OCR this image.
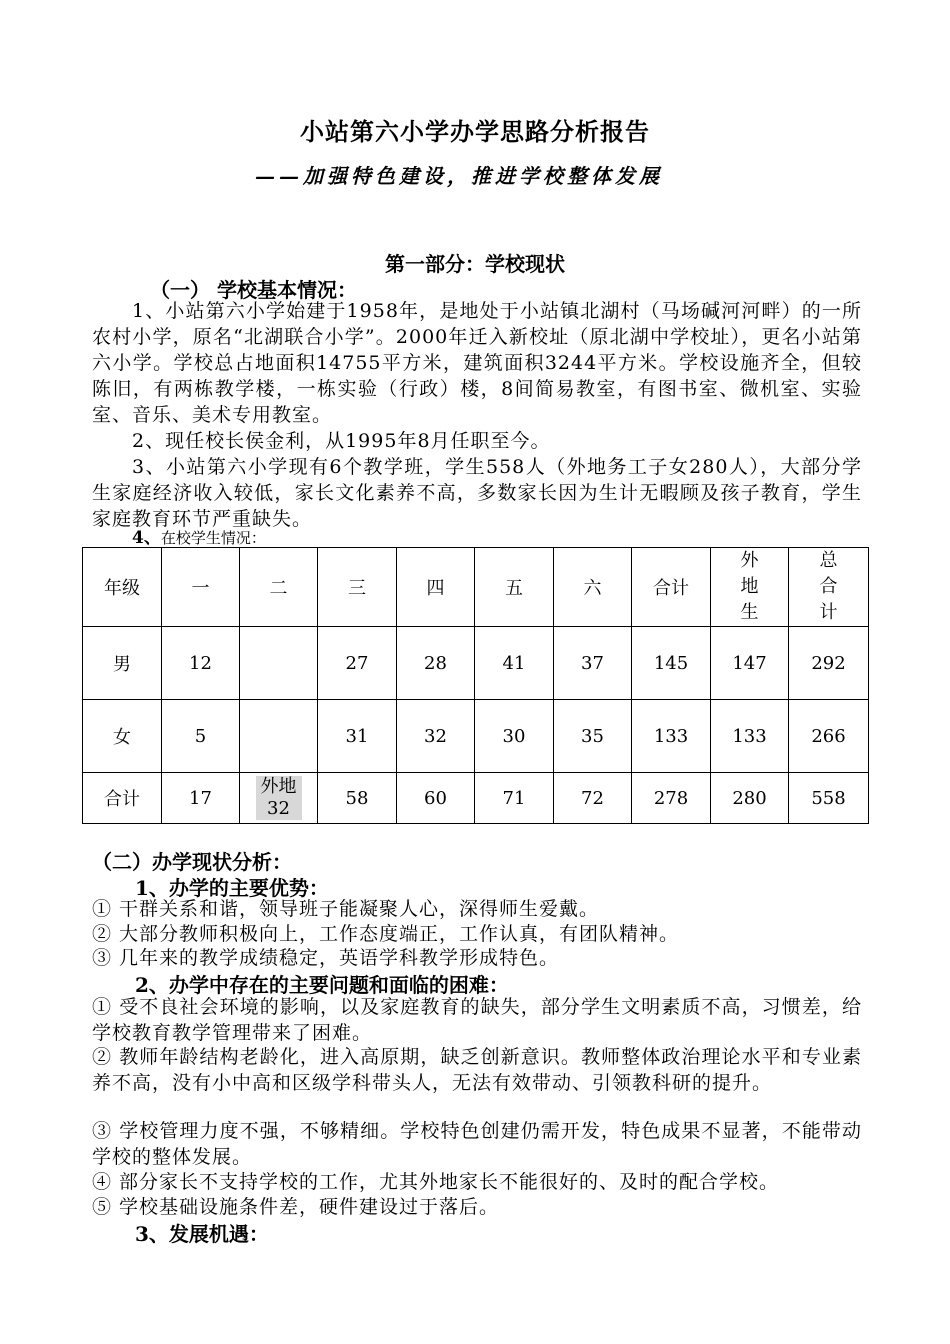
小站第六小学办学思路分析报告
——加强特色建设，推进学校整体发展
第一部分：学校现状
（一） 学校基本情况：
1、小站第六小学始建于1958年，是地处于小站镇北湖村（马场碱河河畔）的一所农村小学，原名“北湖联合小学”。2000年迁入新校址（原北湖中学校址），更名小站第六小学。学校总占地面积14755平方米，建筑面积3244平方米。学校设施齐全，但较陈旧，有两栋教学楼，一栋实验（行政）楼，8间简易教室，有图书室、微机室、实验室、音乐、美术专用教室。
2、现任校长侯金利，从1995年8月任职至今。
3、小站第六小学现有6个教学班，学生558人（外地务工子女280人），大部分学生家庭经济收入较低，家长文化素养不高，多数家长因为生计无暇顾及孩子教育，学生家庭教育环节严重缺失。
4、在校学生情况：
年级	一	二	三	四	五	六	合计	外地生	总合计
男	12		27	28	41	37	145	147	292
女	5		31	32	30	35	133	133	266
合计	17	外地32	58	60	71	72	278	280	558
（二）办学现状分析：
1、办学的主要优势：
① 干群关系和谐，领导班子能凝聚人心，深得师生爱戴。
② 大部分教师积极向上，工作态度端正，工作认真，有团队精神。
③ 几年来的教学成绩稳定，英语学科教学形成特色。
2、办学中存在的主要问题和面临的困难：
① 受不良社会环境的影响，以及家庭教育的缺失，部分学生文明素质不高，习惯差，给学校教育教学管理带来了困难。
② 教师年龄结构老龄化，进入高原期，缺乏创新意识。教师整体政治理论水平和专业素养不高，没有小中高和区级学科带头人，无法有效带动、引领教科研的提升。
③ 学校管理力度不强，不够精细。学校特色创建仍需开发，特色成果不显著，不能带动学校的整体发展。
④ 部分家长不支持学校的工作，尤其外地家长不能很好的、及时的配合学校。
⑤ 学校基础设施条件差，硬件建设过于落后。
3、发展机遇：
